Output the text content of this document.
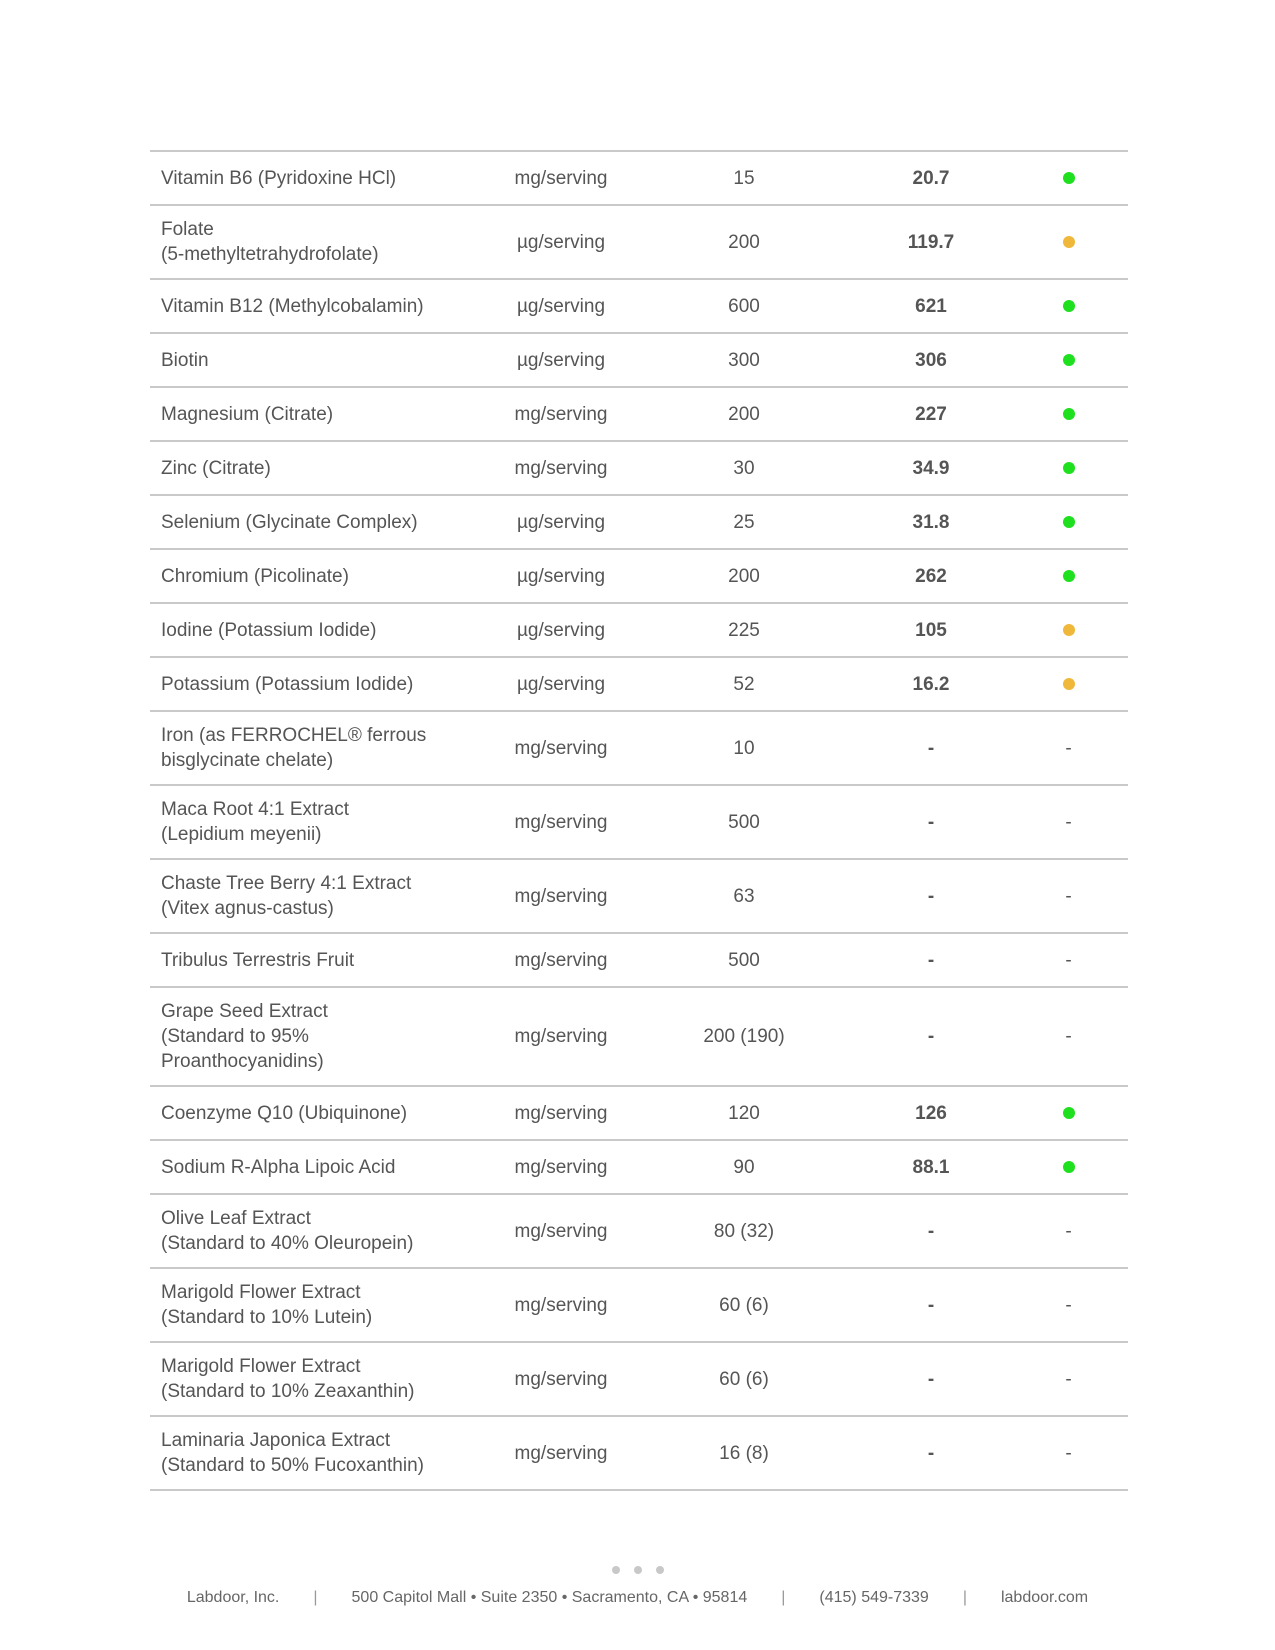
Vitamin B6 (Pyridoxine HCl)	mg/serving	15	20.7	

Folate
(5-methyltetrahydrofolate)	µg/serving	200	119.7	

Vitamin B12 (Methylcobalamin)	µg/serving	600	621	

Biotin	µg/serving	300	306	

Magnesium (Citrate)	mg/serving	200	227	

Zinc (Citrate)	mg/serving	30	34.9	

Selenium (Glycinate Complex)	µg/serving	25	31.8	

Chromium (Picolinate)	µg/serving	200	262	

Iodine (Potassium Iodide)	µg/serving	225	105	

Potassium (Potassium Iodide)	µg/serving	52	16.2	

Iron (as FERROCHEL® ferrous
bisglycinate chelate)	mg/serving	10	-	-

Maca Root 4:1 Extract
(Lepidium meyenii)	mg/serving	500	-	-

Chaste Tree Berry 4:1 Extract
(Vitex agnus-castus)	mg/serving	63	-	-

Tribulus Terrestris Fruit	mg/serving	500	-	-

Grape Seed Extract
(Standard to 95%
Proanthocyanidins)	mg/serving	200 (190)	-	-

Coenzyme Q10 (Ubiquinone)	mg/serving	120	126	

Sodium R-Alpha Lipoic Acid	mg/serving	90	88.1	

Olive Leaf Extract
(Standard to 40% Oleuropein)	mg/serving	80 (32)	-	-

Marigold Flower Extract
(Standard to 10% Lutein)	mg/serving	60 (6)	-	-

Marigold Flower Extract
(Standard to 10% Zeaxanthin)	mg/serving	60 (6)	-	-

Laminaria Japonica Extract
(Standard to 50% Fucoxanthin)	mg/serving	16 (8)	-	-
Labdoor, Inc. | 500 Capitol Mall • Suite 2350 • Sacramento, CA • 95814 | (415) 549-7339 | labdoor.com
